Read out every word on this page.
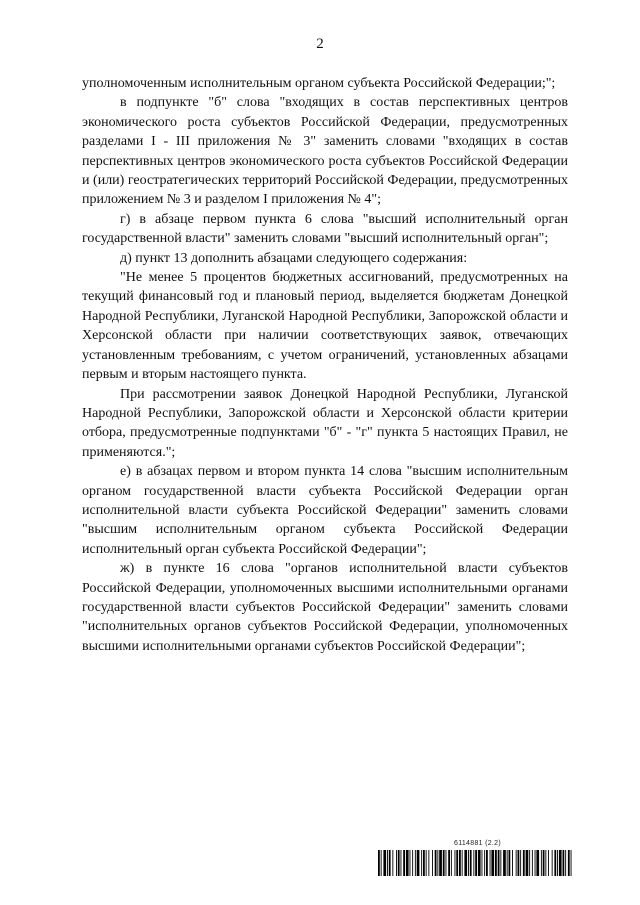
2

уполномоченным исполнительным органом субъекта Российской Федерации;";

в подпункте "б" слова "входящих в состав перспективных центров экономического роста субъектов Российской Федерации, предусмотренных разделами I - III приложения № 3" заменить словами "входящих в состав перспективных центров экономического роста субъектов Российской Федерации и (или) геостратегических территорий Российской Федерации, предусмотренных приложением № 3 и разделом I приложения № 4";

г) в абзаце первом пункта 6 слова "высший исполнительный орган государственной власти" заменить словами "высший исполнительный орган";

д) пункт 13 дополнить абзацами следующего содержания:

"Не менее 5 процентов бюджетных ассигнований, предусмотренных на текущий финансовый год и плановый период, выделяется бюджетам Донецкой Народной Республики, Луганской Народной Республики, Запорожской области и Херсонской области при наличии соответствующих заявок, отвечающих установленным требованиям, с учетом ограничений, установленных абзацами первым и вторым настоящего пункта.

При рассмотрении заявок Донецкой Народной Республики, Луганской Народной Республики, Запорожской области и Херсонской области критерии отбора, предусмотренные подпунктами "б" - "г" пункта 5 настоящих Правил, не применяются.";

е) в абзацах первом и втором пункта 14 слова "высшим исполнительным органом государственной власти субъекта Российской Федерации орган исполнительной власти субъекта Российской Федерации" заменить словами "высшим исполнительным органом субъекта Российской Федерации исполнительный орган субъекта Российской Федерации";

ж) в пункте 16 слова "органов исполнительной власти субъектов Российской Федерации, уполномоченных высшими исполнительными органами государственной власти субъектов Российской Федерации" заменить словами "исполнительных органов субъектов Российской Федерации, уполномоченных высшими исполнительными органами субъектов Российской Федерации";

6114881 (2.2)
